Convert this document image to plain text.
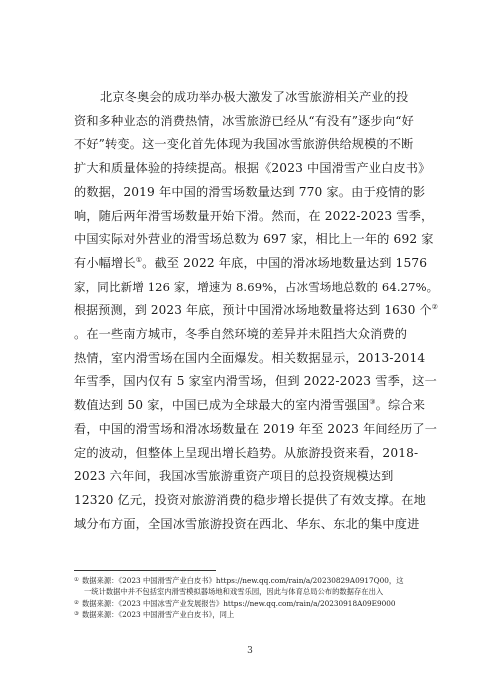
北京冬奥会的成功举办极大激发了冰雪旅游相关产业的投
资和多种业态的消费热情，冰雪旅游已经从“有没有”逐步向“好
不好”转变。这一变化首先体现为我国冰雪旅游供给规模的不断
扩大和质量体验的持续提高。根据《2023 中国滑雪产业白皮书》
的数据，2019 年中国的滑雪场数量达到 770 家。由于疫情的影
响，随后两年滑雪场数量开始下滑。然而，在 2022-2023 雪季，
中国实际对外营业的滑雪场总数为 697 家，相比上一年的 692 家
有小幅增长①。截至 2022 年底，中国的滑冰场地数量达到 1576
家，同比新增 126 家，增速为 8.69%，占冰雪场地总数的 64.27%。
根据预测，到 2023 年底，预计中国滑冰场地数量将达到 1630 个②
。在一些南方城市，冬季自然环境的差异并未阻挡大众消费的
热情，室内滑雪场在国内全面爆发。相关数据显示，2013-2014
年雪季，国内仅有 5 家室内滑雪场，但到 2022-2023 雪季，这一
数值达到 50 家，中国已成为全球最大的室内滑雪强国③。综合来
看，中国的滑雪场和滑冰场数量在 2019 年至 2023 年间经历了一
定的波动，但整体上呈现出增长趋势。从旅游投资来看，2018-
2023 六年间，我国冰雪旅游重资产项目的总投资规模达到
12320 亿元，投资对旅游消费的稳步增长提供了有效支撑。在地
域分布方面，全国冰雪旅游投资在西北、华东、东北的集中度进
① 数据来源：《2023 中国滑雪产业白皮书》https://new.qq.com/rain/a/20230829A0917Q00，这
一统计数据中并不包括室内滑雪模拟器场地和戏雪乐园，因此与体育总局公布的数据存在出入
② 数据来源：《2023 中国冰雪产业发展报告》https://new.qq.com/rain/a/20230918A09E9000
③ 数据来源：《2023 中国滑雪产业白皮书》，同上
3
